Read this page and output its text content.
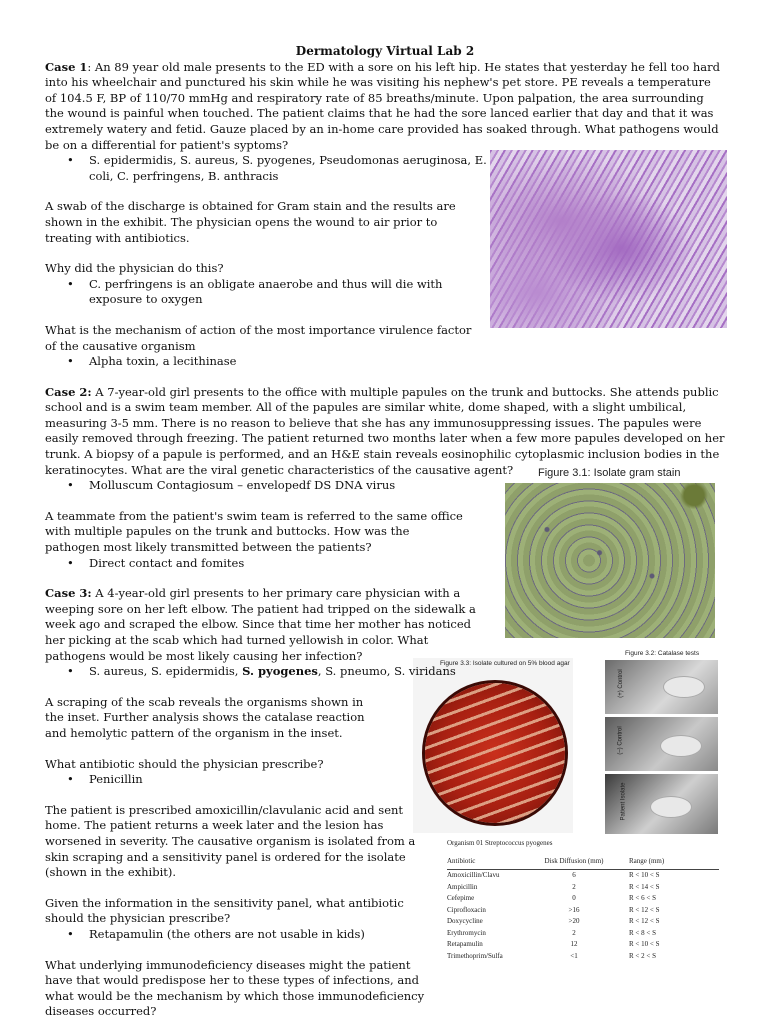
Figure 3.1: Isolate gram stain
Figure 3.3: Isolate cultured on 5% blood agar
Figure 3.2: Catalase tests
(+) Control
(–) Control
Patient Isolate
Organism 01 Streptococcus pyogenes
Antibiotic	Disk Diffusion (mm)	Range (mm)
Amoxicillin/Clavu	6	R < 10 < S
Ampicillin	2	R < 14 < S
Cefepime	0	R < 6 < S
Ciprofloxacin	>16	R < 12 < S
Doxycycline	>20	R < 12 < S
Erythromycin	2	R < 8 < S
Retapamulin	12	R < 10 < S
Trimethoprim/Sulfa	<1	R < 2 < S
Dermatology Virtual Lab 2

Case 1: An 89 year old male presents to the ED with a sore on his left hip. He states that yesterday he fell too hard into his wheelchair and punctured his skin while he was visiting his nephew's pet store. PE reveals a temperature of 104.5 F, BP of 110/70 mmHg and respiratory rate of 85 breaths/minute. Upon palpation, the area surrounding the wound is painful when touched. The patient claims that he had the sore lanced earlier that day and that it was extremely watery and fetid. Gauze placed by an in-home care provided has soaked through. What pathogens would be on a differential for patient's syptoms?

• S. epidermidis, S. aureus, S. pyogenes, Pseudomonas aeruginosa, E. coli, C. perfringens, B. anthracis

A swab of the discharge is obtained for Gram stain and the results are shown in the exhibit. The physician opens the wound to air prior to treating with antibiotics.

Why did the physician do this?

• C. perfringens is an obligate anaerobe and thus will die with exposure to oxygen

What is the mechanism of action of the most importance virulence factor of the causative organism

• Alpha toxin, a lecithinase

Case 2: A 7-year-old girl presents to the office with multiple papules on the trunk and buttocks. She attends public school and is a swim team member. All of the papules are similar white, dome shaped, with a slight umbilical, measuring 3-5 mm. There is no reason to believe that she has any immunosuppressing issues. The papules were easily removed through freezing. The patient returned two months later when a few more papules developed on her trunk. A biopsy of a papule is performed, and an H&E stain reveals eosinophilic cytoplasmic inclusion bodies in the keratinocytes. What are the viral genetic characteristics of the causative agent?

• Molluscum Contagiosum – envelopedf DS DNA virus

A teammate from the patient's swim team is referred to the same office with multiple papules on the trunk and buttocks. How was the pathogen most likely transmitted between the patients?

• Direct contact and fomites

Case 3: A 4-year-old girl presents to her primary care physician with a weeping sore on her left elbow. The patient had tripped on the sidewalk a week ago and scraped the elbow. Since that time her mother has noticed her picking at the scab which had turned yellowish in color. What pathogens would be most likely causing her infection?

• S. aureus, S. epidermidis, S. pyogenes, S. pneumo, S. viridans

A scraping of the scab reveals the organisms shown in the inset. Further analysis shows the catalase reaction and hemolytic pattern of the organism in the inset.

What antibiotic should the physician prescribe?

• Penicillin

The patient is prescribed amoxicillin/clavulanic acid and sent home. The patient returns a week later and the lesion has worsened in severity. The causative organism is isolated from a skin scraping and a sensitivity panel is ordered for the isolate (shown in the exhibit).

Given the information in the sensitivity panel, what antibiotic should the physician prescribe?

• Retapamulin (the others are not usable in kids)

What underlying immunodeficiency diseases might the patient have that would predispose her to these types of infections, and what would be the mechanism by which those immunodeficiency diseases occurred?
